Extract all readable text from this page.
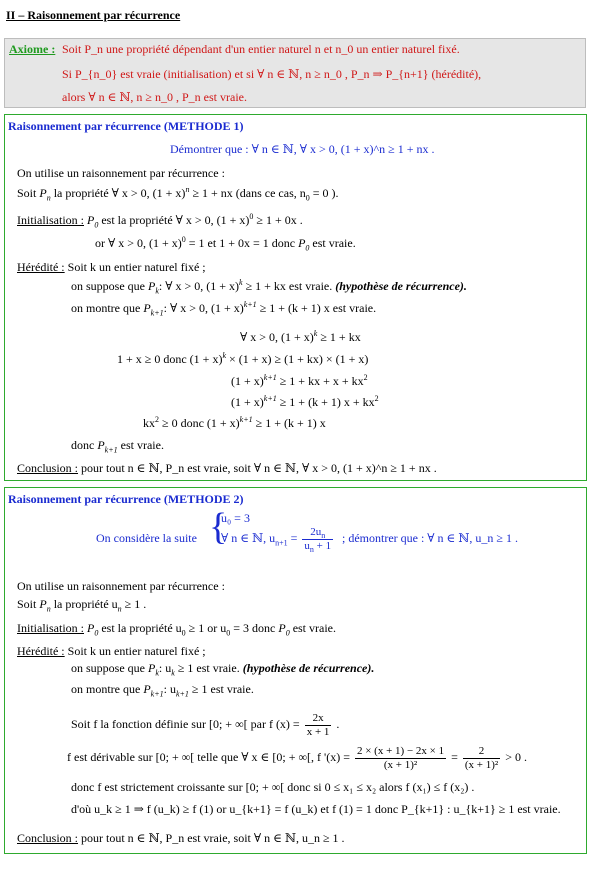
II – Raisonnement par récurrence
Axiome : Soit P_n une propriété dépendant d'un entier naturel n et n_0 un entier naturel fixé.
Si P_{n_0} est vraie (initialisation) et si ∀ n ∈ ℕ, n ≥ n_0 , P_n ⇒ P_{n+1} (hérédité),
alors ∀ n ∈ ℕ, n ≥ n_0 , P_n est vraie.
Raisonnement par récurrence (METHODE 1)
Démontrer que : ∀ n ∈ ℕ, ∀ x > 0, (1 + x)^n ≥ 1 + nx .
On utilise un raisonnement par récurrence :
Soit $P_n$ la propriété ∀ x > 0, $(1 + x)^n \ge 1$ + nx (dans ce cas, $n_0 = 0$ ).
Initialisation : $P_0$ est la propriété ∀ x > 0, $(1 + x)^0 \ge 1 + 0x$ .
or ∀ x > 0, $(1 + x)^0 = 1$ et 1 + 0x = 1 donc $P_0$ est vraie.
Hérédité : Soit k un entier naturel fixé ;
on suppose que $P_k$: ∀ x > 0, $(1 + x)^k \ge 1$ + kx est vraie. (hypothèse de récurrence).
on montre que $P_{k+1}$: ∀ x > 0, $(1 + x)^{k+1} \ge 1 + (k + 1)$ x est vraie.
∀ x > 0, $(1 + x)^k \ge 1$ + kx
1 + x ≥ 0 donc $(1 + x)^k \times (1 + x) \ge (1 + kx) \times (1 + x)$
$(1 + x)^{k+1} \ge 1$ + kx + $x + kx^2$
$(1 + x)^{k+1} \ge 1 + (k + 1)$ $x + kx^2$
$kx^2 \ge 0$ donc $(1 + x)^{k+1} \ge 1 + (k + 1)$ x
donc $P_{k+1}$ est vraie.
Conclusion : pour tout n ∈ ℕ, P_n est vraie, soit ∀ n ∈ ℕ, ∀ x > 0, (1 + x)^n ≥ 1 + nx .
Raisonnement par récurrence (METHODE 2)
On considère la suite {
u₀ = 3
∀ n ∈ ℕ, $u_{n+1} = \frac{2u_n}{u_n + 1}$ ; démontrer que : ∀ n ∈ ℕ, u_n ≥ 1 .
On utilise un raisonnement par récurrence :
Soit $P_n$ la propriété $u_n \ge 1$ .
Initialisation : $P_0$ est la propriété $u_0 \ge 1$ or $u_0 = 3$ donc $P_0$ est vraie.
Hérédité : Soit k un entier naturel fixé ;
on suppose que $P_k$: $u_k \ge 1$ est vraie. (hypothèse de récurrence).
on montre que $P_{k+1}$: $u_{k+1} \ge 1$ est vraie.
Soit f la fonction définie sur [0; + ∞[ par f $(x) = \frac{2x}{x + 1}$ .
f est dérivable sur [0; + ∞[ telle que ∀ x ∈ [0; + ∞[, f '$(x) = \frac{2 \times (x + 1) - 2x \times 1}{\text{(x + 1)²}} = \frac{2}{\text{(x + 1)²}} > 0$ .
donc f est strictement croissante sur [0; + ∞[ donc si 0 ≤ x₁ ≤ x₂ alors f (x₁) ≤ f (x₂) .
d'où u_k ≥ 1 ⇒ f (u_k) ≥ f (1) or u_{k+1} = f (u_k) et f (1) = 1 donc P_{k+1} : u_{k+1} ≥ 1 est vraie.
Conclusion : pour tout n ∈ ℕ, P_n est vraie, soit ∀ n ∈ ℕ, u_n ≥ 1 .
